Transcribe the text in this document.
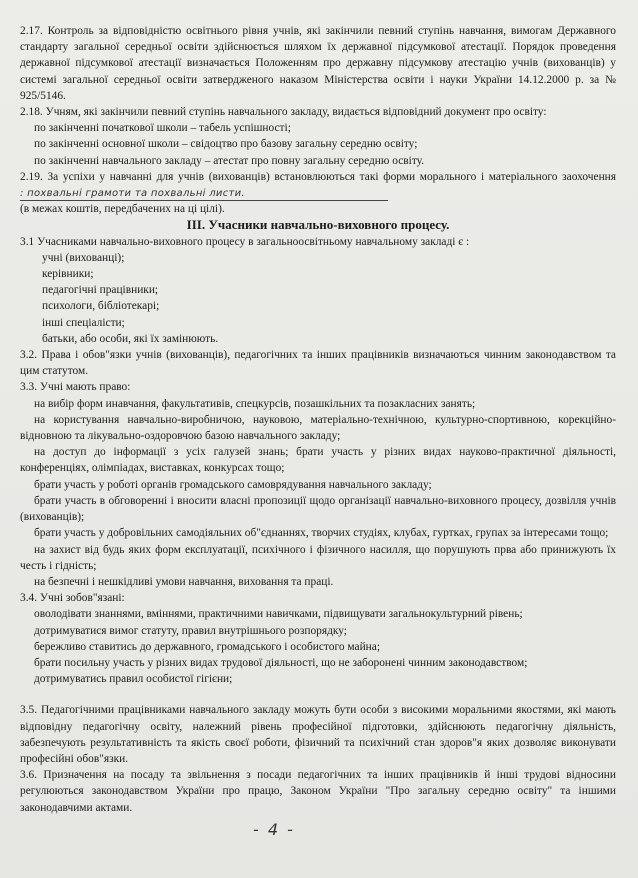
2.17. Контроль за відповідністю освітнього рівня учнів, які закінчили певний ступінь навчання, вимогам Державного стандарту загальної середньої освіти здійснюється шляхом їх державної підсумкової атестації. Порядок проведення державної підсумкової атестації визначається Положенням про державну підсумкову атестацію учнів (вихованців) у системі загальної середньої освіти затвердженого наказом Міністерства освіти і науки України 14.12.2000 р. за № 925/5146.

2.18. Учням, які закінчили певний ступінь навчального закладу, видається відповідний документ про освіту:

по закінченні початкової школи – табель успішності;

по закінченні основної школи – свідоцтво про базову загальну середню освіту;

по закінченні навчального закладу – атестат про повну загальну середню освіту.

2.19. За успіхи у навчанні для учнів (вихованців) встановлюються такі форми морального і матеріального заохочення : похвальні грамоти та похвальні листи.

(в межах коштів, передбачених на ці цілі).

ІІІ. Учасники навчально-виховного процесу.

3.1 Учасниками навчально-виховного процесу в загальноосвітньому навчальному закладі є :

учні (вихованці);

керівники;

педагогічні працівники;

психологи, бібліотекарі;

інші спеціалісти;

батьки, або особи, які їх замінюють.

3.2. Права і обов"язки учнів (вихованців), педагогічних та інших працівників визначаються чинним законодавством та цим статутом.

3.3. Учні мають право:

на вибір форм инавчання, факультативів, спецкурсів, позашкільних та позакласних занять;

на користування навчально-виробничою, науковою, матеріально-технічною, культурно-спортивною, корекційно-відновною та лікувально-оздоровчою базою навчального закладу;

на доступ до інформації з усіх галузей знань; брати участь у різних видах науково-практичної діяльності, конференціях, олімпіадах, виставках, конкурсах тощо;

брати участь у роботі органів громадського самоврядування навчального закладу;

брати участь в обговоренні і вносити власні пропозиції щодо організації навчально-виховного процесу, дозвілля учнів (вихованців);

брати участь у добровільних самодіяльних об"єднаннях, творчих студіях, клубах, гуртках, групах за інтересами тощо;

на захист від будь яких форм експлуатації, психічного і фізичного насилля, що порушують прва або принижують їх честь і гідність;

на безпечні і нешкідливі умови навчання, виховання та праці.

3.4. Учні зобов"язані:

оволодівати знаннями, вміннями, практичними навичками, підвищувати загальнокультурний рівень;

дотримуватися вимог статуту, правил внутрішнього розпорядку;

бережливо ставитись до державного, громадського і особистого майна;

брати посильну участь у різних видах трудової діяльності, що не заборонені чинним законодавством;

дотримуватись правил особистої гігієни;

3.5. Педагогічними працівниками навчального закладу можуть бути особи з високими моральними якостями, які мають відповідну педагогічну освіту, належний рівень професійної підготовки, здійснюють педагогічну діяльність, забезпечують результативність та якість своєї роботи, фізичний та психічний стан здоров"я яких дозволяє виконувати професійні обов"язки.

3.6. Призначення на посаду та звільнення з посади педагогічних та інших працівників й інші трудові відносини регулюються законодавством України про працю, Законом України "Про загальну середню освіту" та іншими законодавчими актами.

- 4 -
